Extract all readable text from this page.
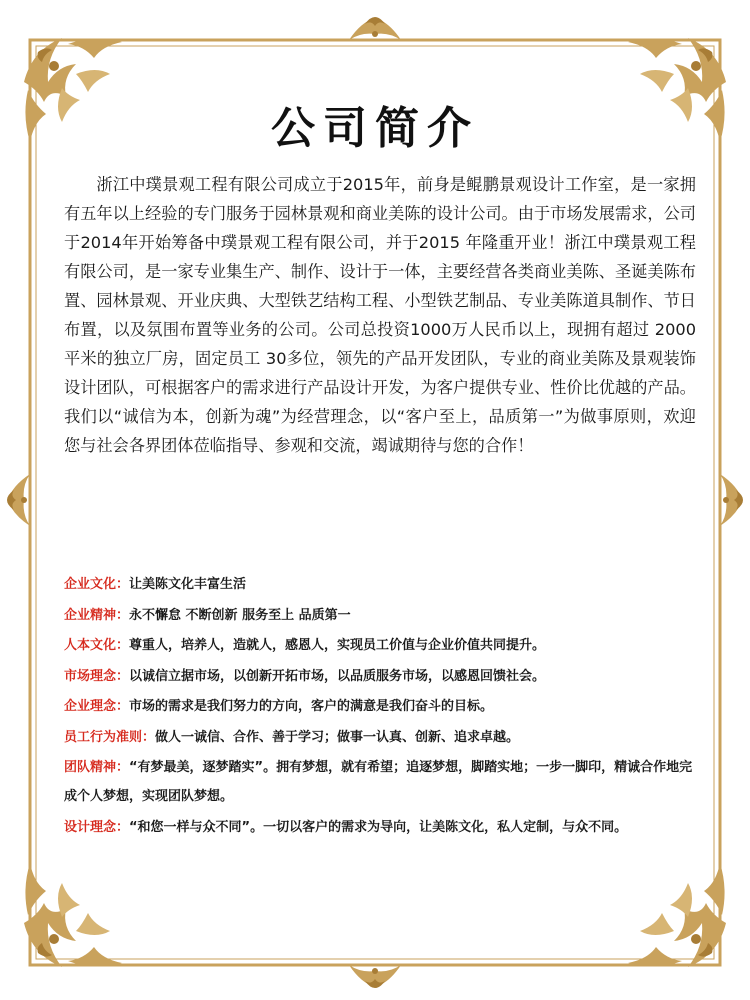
公司简介

浙江中璞景观工程有限公司成立于2015年，前身是鲲鹏景观设计工作室，是一家拥有五年以上经验的专门服务于园林景观和商业美陈的设计公司。由于市场发展需求，公司于2014年开始筹备中璞景观工程有限公司，并于2015 年隆重开业！浙江中璞景观工程有限公司，是一家专业集生产、制作、设计于一体，主要经营各类商业美陈、圣诞美陈布置、园林景观、开业庆典、大型铁艺结构工程、小型铁艺制品、专业美陈道具制作、节日布置，以及氛围布置等业务的公司。公司总投资1000万人民币以上，现拥有超过 2000 平米的独立厂房，固定员工 30多位，领先的产品开发团队，专业的商业美陈及景观装饰设计团队，可根据客户的需求进行产品设计开发，为客户提供专业、性价比优越的产品。我们以“诚信为本，创新为魂”为经营理念，以“客户至上，品质第一”为做事原则，欢迎您与社会各界团体莅临指导、参观和交流，竭诚期待与您的合作！

企业文化：让美陈文化丰富生活
企业精神：永不懈怠 不断创新 服务至上 品质第一
人本文化：尊重人，培养人，造就人，感恩人，实现员工价值与企业价值共同提升。
市场理念：以诚信立据市场，以创新开拓市场，以品质服务市场，以感恩回馈社会。
企业理念：市场的需求是我们努力的方向，客户的满意是我们奋斗的目标。
员工行为准则：做人一诚信、合作、善于学习；做事一认真、创新、追求卓越。
团队精神：“有梦最美，逐梦踏实”。拥有梦想，就有希望；追逐梦想，脚踏实地；一步一脚印，精诚合作地完成个人梦想，实现团队梦想。
设计理念：“和您一样与众不同”。一切以客户的需求为导向，让美陈文化，私人定制，与众不同。
